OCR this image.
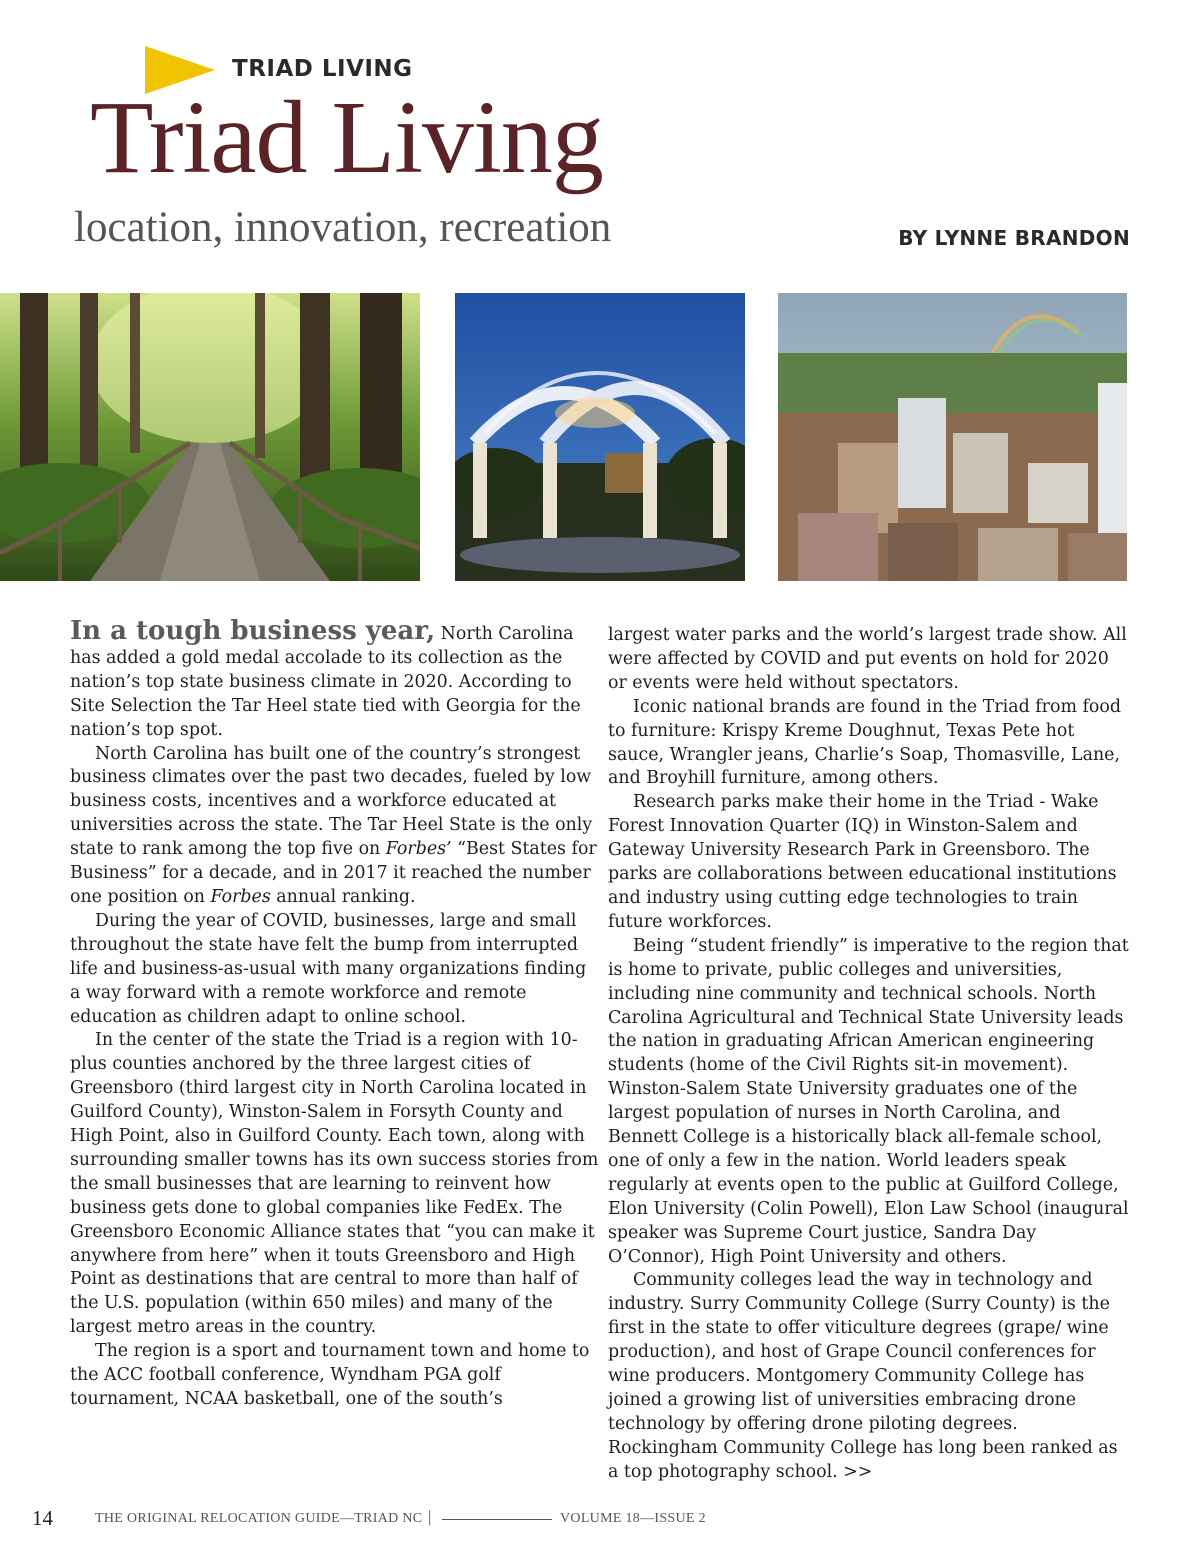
TRIAD LIVING
Triad Living
location, innovation, recreation	BY LYNNE BRANDON

In a tough business year, North Carolina has added a gold medal accolade to its collection as the nation’s top state business climate in 2020. According to Site Selection the Tar Heel state tied with Georgia for the nation’s top spot.

North Carolina has built one of the country’s strongest business climates over the past two decades, fueled by low business costs, incentives and a workforce educated at universities across the state. The Tar Heel State is the only state to rank among the top five on Forbes’ “Best States for Business” for a decade, and in 2017 it reached the number one position on Forbes annual ranking.

During the year of COVID, businesses, large and small throughout the state have felt the bump from interrupted life and business-as-usual with many organizations finding a way forward with a remote workforce and remote education as children adapt to online school.

In the center of the state the Triad is a region with 10-plus counties anchored by the three largest cities of Greensboro (third largest city in North Carolina located in Guilford County), Winston-Salem in Forsyth County and High Point, also in Guilford County. Each town, along with surrounding smaller towns has its own success stories from the small businesses that are learning to reinvent how business gets done to global companies like FedEx. The Greensboro Economic Alliance states that “you can make it anywhere from here” when it touts Greensboro and High Point as destinations that are central to more than half of the U.S. population (within 650 miles) and many of the largest metro areas in the country.

The region is a sport and tournament town and home to the ACC football conference, Wyndham PGA golf tournament, NCAA basketball, one of the south’s

largest water parks and the world’s largest trade show. All were affected by COVID and put events on hold for 2020 or events were held without spectators.

Iconic national brands are found in the Triad from food to furniture: Krispy Kreme Doughnut, Texas Pete hot sauce, Wrangler jeans, Charlie’s Soap, Thomasville, Lane, and Broyhill furniture, among others.

Research parks make their home in the Triad - Wake Forest Innovation Quarter (IQ) in Winston-Salem and Gateway University Research Park in Greensboro. The parks are collaborations between educational institutions and industry using cutting edge technologies to train future workforces.

Being “student friendly” is imperative to the region that is home to private, public colleges and universities, including nine community and technical schools. North Carolina Agricultural and Technical State University leads the nation in graduating African American engineering students (home of the Civil Rights sit-in movement). Winston-Salem State University graduates one of the largest population of nurses in North Carolina, and Bennett College is a historically black all-female school, one of only a few in the nation. World leaders speak regularly at events open to the public at Guilford College, Elon University (Colin Powell), Elon Law School (inaugural speaker was Supreme Court justice, Sandra Day O’Connor), High Point University and others.

Community colleges lead the way in technology and industry. Surry Community College (Surry County) is the first in the state to offer viticulture degrees (grape/ wine production), and host of Grape Council conferences for wine producers. Montgomery Community College has joined a growing list of universities embracing drone technology by offering drone piloting degrees. Rockingham Community College has long been ranked as a top photography school. >>

14	THE ORIGINAL RELOCATION GUIDE—TRIAD NC |	VOLUME 18—ISSUE 2
